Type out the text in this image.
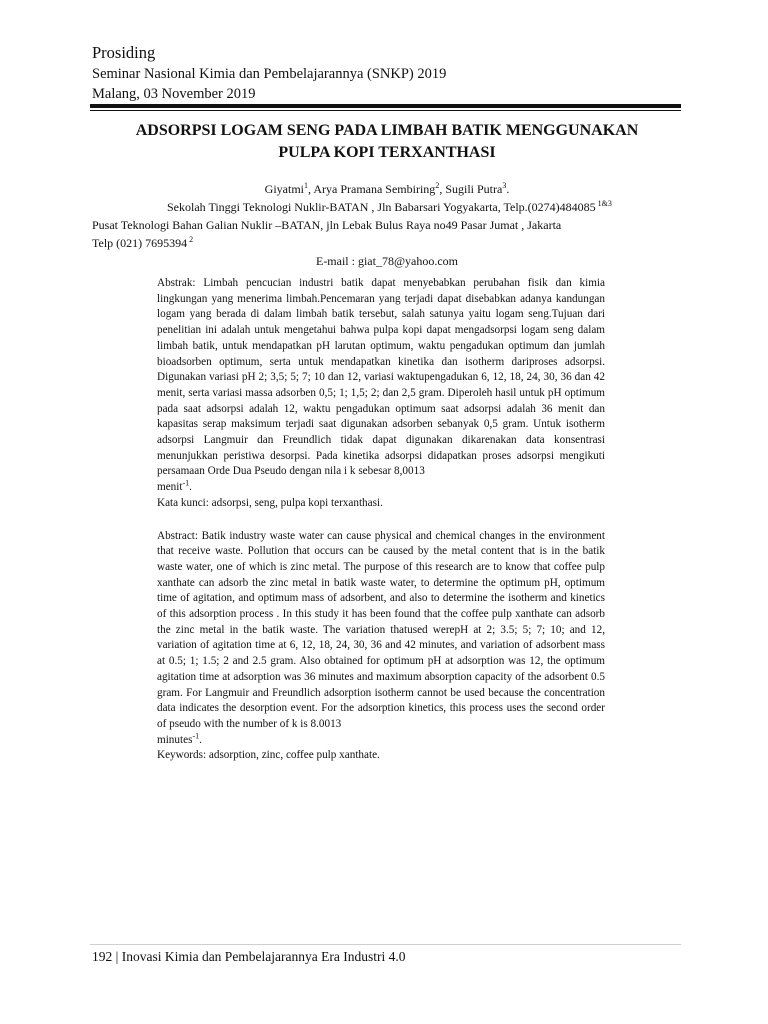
Prosiding
Seminar Nasional Kimia dan Pembelajarannya (SNKP) 2019
Malang, 03 November 2019
ADSORPSI LOGAM SENG PADA LIMBAH BATIK MENGGUNAKAN
PULPA KOPI TERXANTHASI
Giyatmi$^1$, Arya Pramana Sembiring$^2$, Sugili Putra$^3$.
Sekolah Tinggi Teknologi Nuklir-BATAN , Jln Babarsari Yogyakarta, Telp.(0274)484085 $^{1\&3}$
Pusat Teknologi Bahan Galian Nuklir –BATAN, jln Lebak Bulus Raya no49 Pasar Jumat , Jakarta
Telp (021) 7695394 $^2$
E-mail : giat_78@yahoo.com

Abstrak: Limbah pencucian industri batik dapat menyebabkan perubahan fisik dan kimia lingkungan yang menerima limbah.Pencemaran yang terjadi dapat disebabkan adanya kandungan logam yang berada di dalam limbah batik tersebut, salah satunya yaitu logam seng.Tujuan dari penelitian ini adalah untuk mengetahui bahwa pulpa kopi dapat mengadsorpsi logam seng dalam limbah batik, untuk mendapatkan pH larutan optimum, waktu pengadukan optimum dan jumlah bioadsorben optimum, serta untuk mendapatkan kinetika dan isotherm dariproses adsorpsi. Digunakan variasi pH 2; 3,5; 5; 7; 10 dan 12, variasi waktupengadukan 6, 12, 18, 24, 30, 36 dan 42 menit, serta variasi massa adsorben 0,5; 1; 1,5; 2; dan 2,5 gram. Diperoleh hasil untuk pH optimum pada saat adsorpsi adalah 12, waktu pengadukan optimum saat adsorpsi adalah 36 menit dan kapasitas serap maksimum terjadi saat digunakan adsorben sebanyak 0,5 gram. Untuk isotherm adsorpsi Langmuir dan Freundlich tidak dapat digunakan dikarenakan data konsentrasi menunjukkan peristiwa desorpsi. Pada kinetika adsorpsi didapatkan proses adsorpsi mengikuti persamaan Orde Dua Pseudo dengan nila i k sebesar 8,0013

menit$^{-1}$.

Kata kunci: adsorpsi, seng, pulpa kopi terxanthasi.

Abstract: Batik industry waste water can cause physical and chemical changes in the environment that receive waste. Pollution that occurs can be caused by the metal content that is in the batik waste water, one of which is zinc metal. The purpose of this research are to know that coffee pulp xanthate can adsorb the zinc metal in batik waste water, to determine the optimum pH, optimum time of agitation, and optimum mass of adsorbent, and also to determine the isotherm and kinetics of this adsorption process . In this study it has been found that the coffee pulp xanthate can adsorb the zinc metal in the batik waste. The variation thatused werepH at 2; 3.5; 5; 7; 10; and 12, variation of agitation time at 6, 12, 18, 24, 30, 36 and 42 minutes, and variation of adsorbent mass at 0.5; 1; 1.5; 2 and 2.5 gram. Also obtained for optimum pH at adsorption was 12, the optimum agitation time at adsorption was 36 minutes and maximum absorption capacity of the adsorbent 0.5 gram. For Langmuir and Freundlich adsorption isotherm cannot be used because the concentration data indicates the desorption event. For the adsorption kinetics, this process uses the second order of pseudo with the number of k is 8.0013

minutes$^{-1}$.

Keywords: adsorption, zinc, coffee pulp xanthate.

192 | Inovasi Kimia dan Pembelajarannya Era Industri 4.0
